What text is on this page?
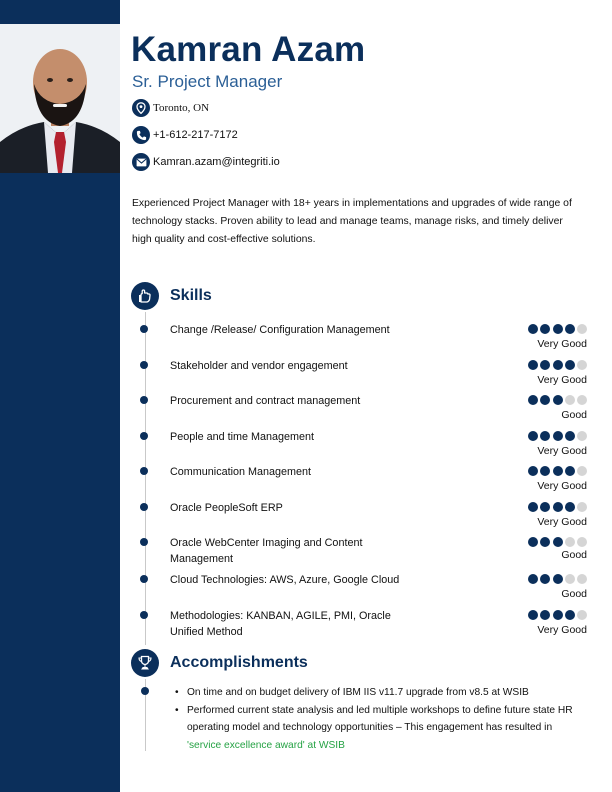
Kamran Azam
Sr. Project Manager
Toronto, ON
+1-612-217-7172
Kamran.azam@integriti.io

Experienced Project Manager with 18+ years in implementations and upgrades of wide range of technology stacks. Proven ability to lead and manage teams, manage risks, and timely deliver high quality and cost-effective solutions.

Skills
Change /Release/ Configuration Management
Very Good
Stakeholder and vendor engagement
Very Good
Procurement and contract management
Good
People and time Management
Very Good
Communication Management
Very Good
Oracle PeopleSoft ERP
Very Good
Oracle WebCenter Imaging and Content Management	Good
Cloud Technologies: AWS, Azure, Google Cloud
Good
Methodologies: KANBAN, AGILE, PMI, Oracle Unified Method	Very Good
Accomplishments
• On time and on budget delivery of IBM IIS v11.7 upgrade from v8.5 at WSIB
• Performed current state analysis and led multiple workshops to define future state HR operating model and technology opportunities – This engagement has resulted in 'service excellence award' at WSIB
